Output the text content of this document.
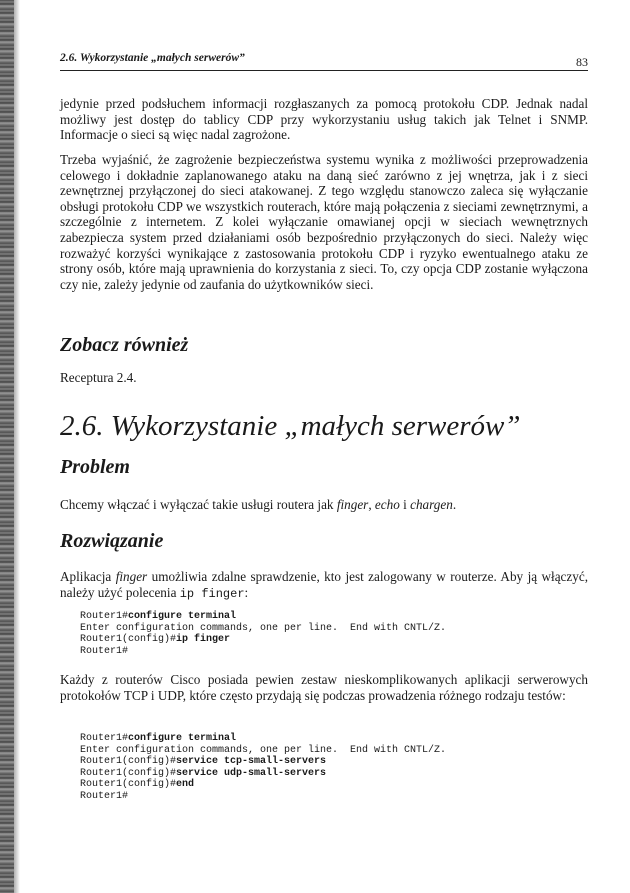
2.6. Wykorzystanie „małych serwerów”	83

jedynie przed podsłuchem informacji rozgłaszanych za pomocą protokołu CDP. Jednak nadal możliwy jest dostęp do tablicy CDP przy wykorzystaniu usług takich jak Telnet i SNMP. Informacje o sieci są więc nadal zagrożone.

Trzeba wyjaśnić, że zagrożenie bezpieczeństwa systemu wynika z możliwości przeprowadzenia celowego i dokładnie zaplanowanego ataku na daną sieć zarówno z jej wnętrza, jak i z sieci zewnętrznej przyłączonej do sieci atakowanej. Z tego względu stanowczo zaleca się wyłączanie obsługi protokołu CDP we wszystkich routerach, które mają połączenia z sieciami zewnętrznymi, a szczególnie z internetem. Z kolei wyłączanie omawianej opcji w sieciach wewnętrznych zabezpiecza system przed działaniami osób bezpośrednio przyłączonych do sieci. Należy więc rozważyć korzyści wynikające z zastosowania protokołu CDP i ryzyko ewentualnego ataku ze strony osób, które mają uprawnienia do korzystania z sieci. To, czy opcja CDP zostanie wyłączona czy nie, zależy jedynie od zaufania do użytkowników sieci.

Zobacz również

Receptura 2.4.

2.6. Wykorzystanie „małych serwerów”
Problem

Chcemy włączać i wyłączać takie usługi routera jak finger, echo i chargen.

Rozwiązanie

Aplikacja finger umożliwia zdalne sprawdzenie, kto jest zalogowany w routerze. Aby ją włączyć, należy użyć polecenia ip finger:

Router1#configure terminal
Enter configuration commands, one per line.  End with CNTL/Z.
Router1(config)#ip finger
Router1#

Każdy z routerów Cisco posiada pewien zestaw nieskomplikowanych aplikacji serwerowych protokołów TCP i UDP, które często przydają się podczas prowadzenia różnego rodzaju testów:

Router1#configure terminal
Enter configuration commands, one per line.  End with CNTL/Z.
Router1(config)#service tcp-small-servers
Router1(config)#service udp-small-servers
Router1(config)#end
Router1#
